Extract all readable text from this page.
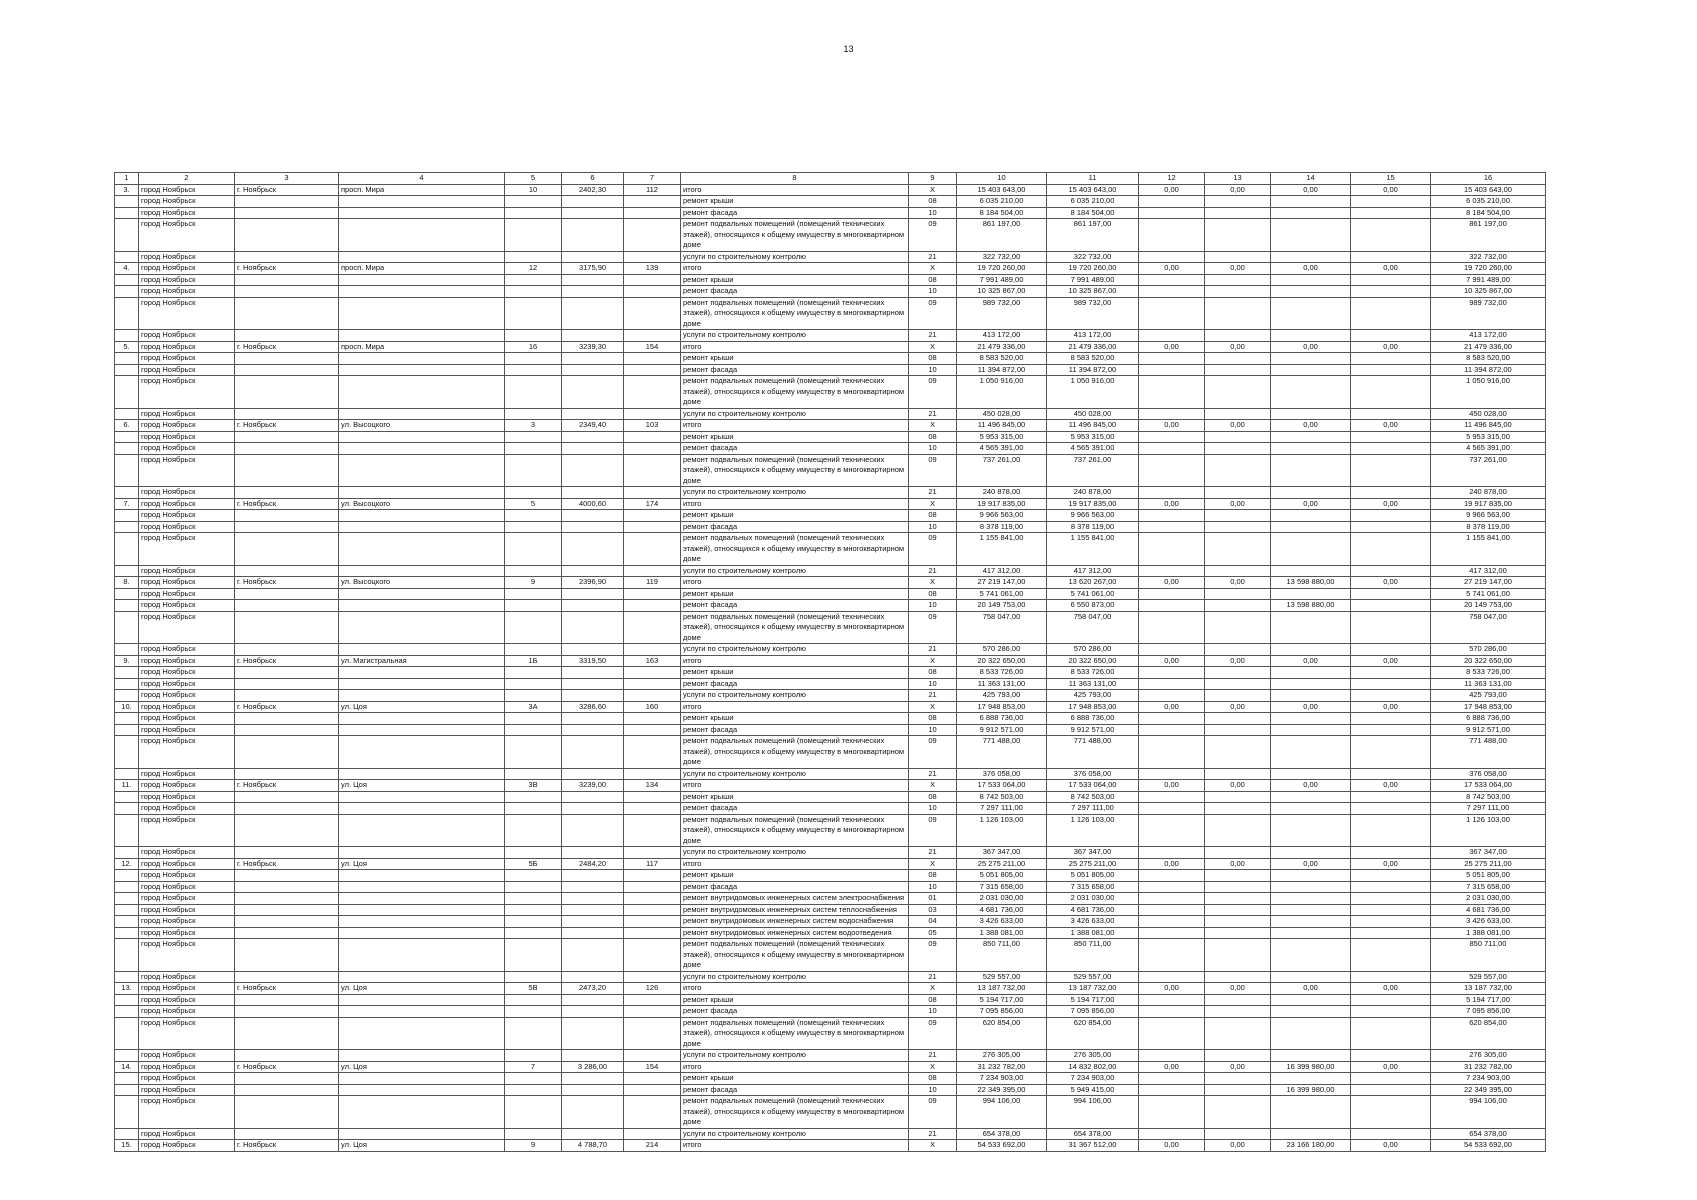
13
1	2	3	4	5	6	7	8	9	10	11	12	13	14	15	16
3.	город Ноябрьск	г. Ноябрьск	просп. Мира	10	2402,30	112	итого	X	15 403 643,00	15 403 643,00	0,00	0,00	0,00	0,00	15 403 643,00
	город Ноябрьск						ремонт крыши	08	6 035 210,00	6 035 210,00					6 035 210,00
	город Ноябрьск						ремонт фасада	10	8 184 504,00	8 184 504,00					8 184 504,00
	город Ноябрьск						ремонт подвальных помещений (помещений технических этажей), относящихся к общему имуществу в многоквартирном доме	09	861 197,00	861 197,00					861 197,00
	город Ноябрьск						услуги по строительному контролю	21	322 732,00	322 732,00					322 732,00
4.	город Ноябрьск	г. Ноябрьск	просп. Мира	12	3175,90	139	итого	X	19 720 260,00	19 720 260,00	0,00	0,00	0,00	0,00	19 720 260,00
	город Ноябрьск						ремонт крыши	08	7 991 489,00	7 991 489,00					7 991 489,00
	город Ноябрьск						ремонт фасада	10	10 325 867,00	10 325 867,00					10 325 867,00
	город Ноябрьск						ремонт подвальных помещений (помещений технических этажей), относящихся к общему имуществу в многоквартирном доме	09	989 732,00	989 732,00					989 732,00
	город Ноябрьск						услуги по строительному контролю	21	413 172,00	413 172,00					413 172,00
5.	город Ноябрьск	г. Ноябрьск	просп. Мира	16	3239,30	154	итого	X	21 479 336,00	21 479 336,00	0,00	0,00	0,00	0,00	21 479 336,00
	город Ноябрьск						ремонт крыши	08	8 583 520,00	8 583 520,00					8 583 520,00
	город Ноябрьск						ремонт фасада	10	11 394 872,00	11 394 872,00					11 394 872,00
	город Ноябрьск						ремонт подвальных помещений (помещений технических этажей), относящихся к общему имуществу в многоквартирном доме	09	1 050 916,00	1 050 916,00					1 050 916,00
	город Ноябрьск						услуги по строительному контролю	21	450 028,00	450 028,00					450 028,00
6.	город Ноябрьск	г. Ноябрьск	ул. Высоцкого	3	2349,40	103	итого	X	11 496 845,00	11 496 845,00	0,00	0,00	0,00	0,00	11 496 845,00
	город Ноябрьск						ремонт крыши	08	5 953 315,00	5 953 315,00					5 953 315,00
	город Ноябрьск						ремонт фасада	10	4 565 391,00	4 565 391,00					4 565 391,00
	город Ноябрьск						ремонт подвальных помещений (помещений технических этажей), относящихся к общему имуществу в многоквартирном доме	09	737 261,00	737 261,00					737 261,00
	город Ноябрьск						услуги по строительному контролю	21	240 878,00	240 878,00					240 878,00
7.	город Ноябрьск	г. Ноябрьск	ул. Высоцкого	5	4000,60	174	итого	X	19 917 835,00	19 917 835,00	0,00	0,00	0,00	0,00	19 917 835,00
	город Ноябрьск						ремонт крыши	08	9 966 563,00	9 966 563,00					9 966 563,00
	город Ноябрьск						ремонт фасада	10	8 378 119,00	8 378 119,00					8 378 119,00
	город Ноябрьск						ремонт подвальных помещений (помещений технических этажей), относящихся к общему имуществу в многоквартирном доме	09	1 155 841,00	1 155 841,00					1 155 841,00
	город Ноябрьск						услуги по строительному контролю	21	417 312,00	417 312,00					417 312,00
8.	город Ноябрьск	г. Ноябрьск	ул. Высоцкого	9	2396,90	119	итого	X	27 219 147,00	13 620 267,00	0,00	0,00	13 598 880,00	0,00	27 219 147,00
	город Ноябрьск						ремонт крыши	08	5 741 061,00	5 741 061,00					5 741 061,00
	город Ноябрьск						ремонт фасада	10	20 149 753,00	6 550 873,00			13 598 880,00		20 149 753,00
	город Ноябрьск						ремонт подвальных помещений (помещений технических этажей), относящихся к общему имуществу в многоквартирном доме	09	758 047,00	758 047,00					758 047,00
	город Ноябрьск						услуги по строительному контролю	21	570 286,00	570 286,00					570 286,00
9.	город Ноябрьск	г. Ноябрьск	ул. Магистральная	1Б	3319,50	163	итого	X	20 322 650,00	20 322 650,00	0,00	0,00	0,00	0,00	20 322 650,00
	город Ноябрьск						ремонт крыши	08	8 533 726,00	8 533 726,00					8 533 726,00
	город Ноябрьск						ремонт фасада	10	11 363 131,00	11 363 131,00					11 363 131,00
	город Ноябрьск						услуги по строительному контролю	21	425 793,00	425 793,00					425 793,00
10.	город Ноябрьск	г. Ноябрьск	ул. Цоя	3А	3286,60	160	итого	X	17 948 853,00	17 948 853,00	0,00	0,00	0,00	0,00	17 948 853,00
	город Ноябрьск						ремонт крыши	08	6 888 736,00	6 888 736,00					6 888 736,00
	город Ноябрьск						ремонт фасада	10	9 912 571,00	9 912 571,00					9 912 571,00
	город Ноябрьск						ремонт подвальных помещений (помещений технических этажей), относящихся к общему имуществу в многоквартирном доме	09	771 488,00	771 488,00					771 488,00
	город Ноябрьск						услуги по строительному контролю	21	376 058,00	376 058,00					376 058,00
11.	город Ноябрьск	г. Ноябрьск	ул. Цоя	3В	3239,00	134	итого	X	17 533 064,00	17 533 064,00	0,00	0,00	0,00	0,00	17 533 064,00
	город Ноябрьск						ремонт крыши	08	8 742 503,00	8 742 503,00					8 742 503,00
	город Ноябрьск						ремонт фасада	10	7 297 111,00	7 297 111,00					7 297 111,00
	город Ноябрьск						ремонт подвальных помещений (помещений технических этажей), относящихся к общему имуществу в многоквартирном доме	09	1 126 103,00	1 126 103,00					1 126 103,00
	город Ноябрьск						услуги по строительному контролю	21	367 347,00	367 347,00					367 347,00
12.	город Ноябрьск	г. Ноябрьск	ул. Цоя	5Б	2484,20	117	итого	X	25 275 211,00	25 275 211,00	0,00	0,00	0,00	0,00	25 275 211,00
	город Ноябрьск						ремонт крыши	08	5 051 805,00	5 051 805,00					5 051 805,00
	город Ноябрьск						ремонт фасада	10	7 315 658,00	7 315 658,00					7 315 658,00
	город Ноябрьск						ремонт внутридомовых инженерных систем электроснабжения	01	2 031 030,00	2 031 030,00					2 031 030,00
	город Ноябрьск						ремонт внутридомовых инженерных систем теплоснабжения	03	4 681 736,00	4 681 736,00					4 681 736,00
	город Ноябрьск						ремонт внутридомовых инженерных систем водоснабжения	04	3 426 633,00	3 426 633,00					3 426 633,00
	город Ноябрьск						ремонт внутридомовых инженерных систем водоотведения	05	1 388 081,00	1 388 081,00					1 388 081,00
	город Ноябрьск						ремонт подвальных помещений (помещений технических этажей), относящихся к общему имуществу в многоквартирном доме	09	850 711,00	850 711,00					850 711,00
	город Ноябрьск						услуги по строительному контролю	21	529 557,00	529 557,00					529 557,00
13.	город Ноябрьск	г. Ноябрьск	ул. Цоя	5В	2473,20	126	итого	X	13 187 732,00	13 187 732,00	0,00	0,00	0,00	0,00	13 187 732,00
	город Ноябрьск						ремонт крыши	08	5 194 717,00	5 194 717,00					5 194 717,00
	город Ноябрьск						ремонт фасада	10	7 095 856,00	7 095 856,00					7 095 856,00
	город Ноябрьск						ремонт подвальных помещений (помещений технических этажей), относящихся к общему имуществу в многоквартирном доме	09	620 854,00	620 854,00					620 854,00
	город Ноябрьск						услуги по строительному контролю	21	276 305,00	276 305,00					276 305,00
14.	город Ноябрьск	г. Ноябрьск	ул. Цоя	7	3 286,00	154	итого	X	31 232 782,00	14 832 802,00	0,00	0,00	16 399 980,00	0,00	31 232 782,00
	город Ноябрьск						ремонт крыши	08	7 234 903,00	7 234 903,00					7 234 903,00
	город Ноябрьск						ремонт фасада	10	22 349 395,00	5 949 415,00			16 399 980,00		22 349 395,00
	город Ноябрьск						ремонт подвальных помещений (помещений технических этажей), относящихся к общему имуществу в многоквартирном доме	09	994 106,00	994 106,00					994 106,00
	город Ноябрьск						услуги по строительному контролю	21	654 378,00	654 378,00					654 378,00
15.	город Ноябрьск	г. Ноябрьск	ул. Цоя	9	4 788,70	214	итого	X	54 533 692,00	31 367 512,00	0,00	0,00	23 166 180,00	0,00	54 533 692,00
